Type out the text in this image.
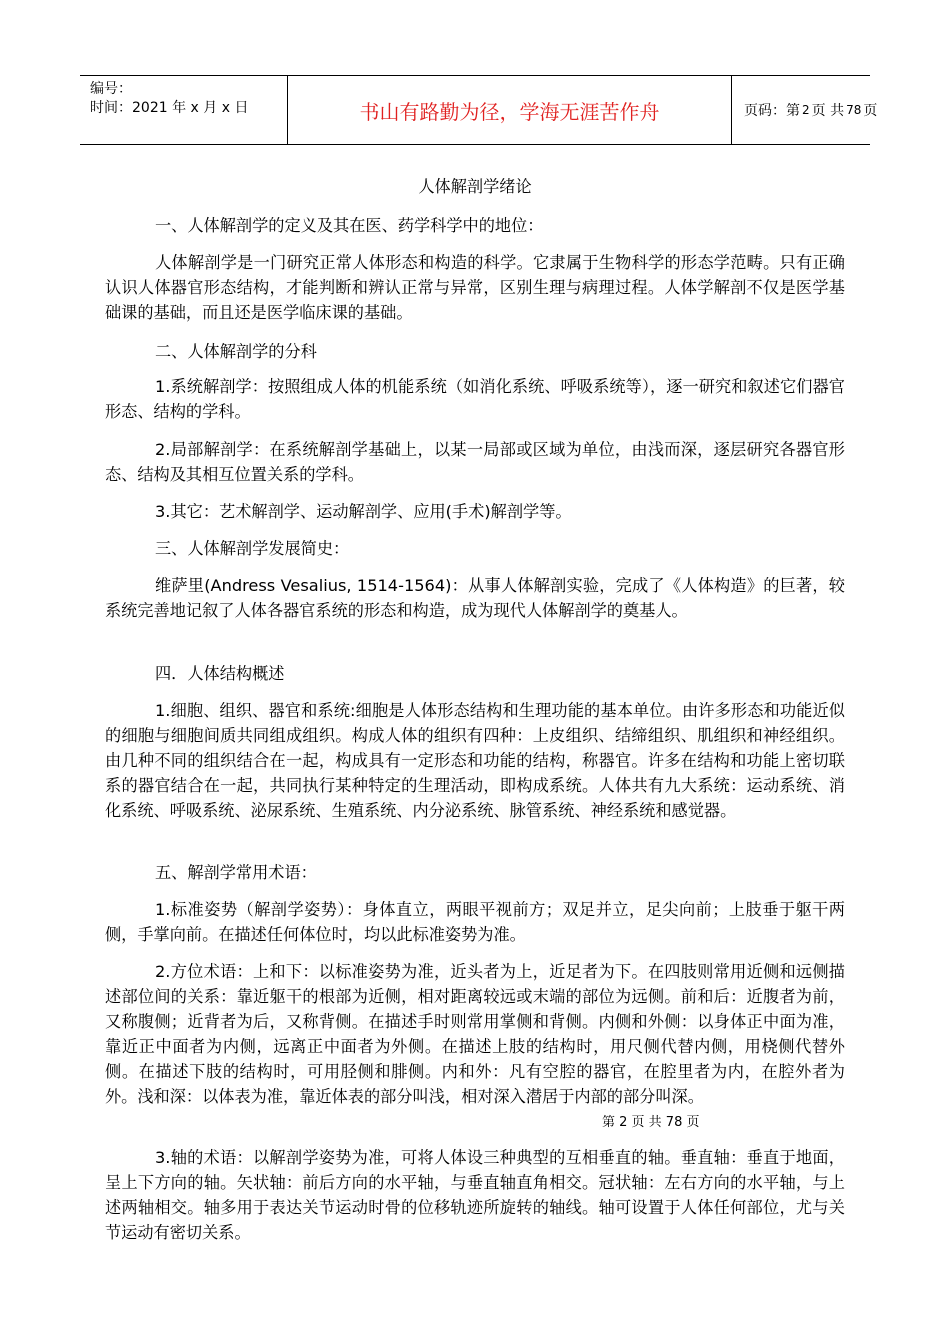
编号：
时间：2021 年 x 月 x 日	书山有路勤为径，学海无涯苦作舟	页码：第 2 页 共 78 页
人体解剖学绪论
一、人体解剖学的定义及其在医、药学科学中的地位：
人体解剖学是一门研究正常人体形态和构造的科学。它隶属于生物科学的形态学范畴。只有正确认识人体器官形态结构，才能判断和辨认正常与异常，区别生理与病理过程。人体学解剖不仅是医学基础课的基础，而且还是医学临床课的基础。
二、人体解剖学的分科
1.系统解剖学：按照组成人体的机能系统（如消化系统、呼吸系统等），逐一研究和叙述它们器官形态、结构的学科。
2.局部解剖学：在系统解剖学基础上，以某一局部或区域为单位，由浅而深，逐层研究各器官形态、结构及其相互位置关系的学科。
3.其它：艺术解剖学、运动解剖学、应用(手术)解剖学等。
三、人体解剖学发展简史：
维萨里(Andress Vesalius, 1514-1564)：从事人体解剖实验，完成了《人体构造》的巨著，较系统完善地记叙了人体各器官系统的形态和构造，成为现代人体解剖学的奠基人。
四．人体结构概述
1.细胞、组织、器官和系统:细胞是人体形态结构和生理功能的基本单位。由许多形态和功能近似的细胞与细胞间质共同组成组织。构成人体的组织有四种：上皮组织、结缔组织、肌组织和神经组织。由几种不同的组织结合在一起，构成具有一定形态和功能的结构，称器官。许多在结构和功能上密切联系的器官结合在一起，共同执行某种特定的生理活动，即构成系统。人体共有九大系统：运动系统、消化系统、呼吸系统、泌尿系统、生殖系统、内分泌系统、脉管系统、神经系统和感觉器。
五、解剖学常用术语：
1.标准姿势（解剖学姿势）：身体直立，两眼平视前方；双足并立，足尖向前；上肢垂于躯干两侧，手掌向前。在描述任何体位时，均以此标准姿势为准。
2.方位术语：上和下：以标准姿势为准，近头者为上，近足者为下。在四肢则常用近侧和远侧描述部位间的关系：靠近躯干的根部为近侧，相对距离较远或末端的部位为远侧。前和后：近腹者为前，又称腹侧；近背者为后，又称背侧。在描述手时则常用掌侧和背侧。内侧和外侧：以身体正中面为准，靠近正中面者为内侧，远离正中面者为外侧。在描述上肢的结构时，用尺侧代替内侧，用桡侧代替外侧。在描述下肢的结构时，可用胫侧和腓侧。内和外：凡有空腔的器官，在腔里者为内，在腔外者为外。浅和深：以体表为准，靠近体表的部分叫浅，相对深入潜居于内部的部分叫深。
3.轴的术语：以解剖学姿势为准，可将人体设三种典型的互相垂直的轴。垂直轴：垂直于地面，呈上下方向的轴。矢状轴：前后方向的水平轴，与垂直轴直角相交。冠状轴：左右方向的水平轴，与上述两轴相交。轴多用于表达关节运动时骨的位移轨迹所旋转的轴线。轴可设置于人体任何部位，尤与关节运动有密切关系。
第 2 页 共 78 页
